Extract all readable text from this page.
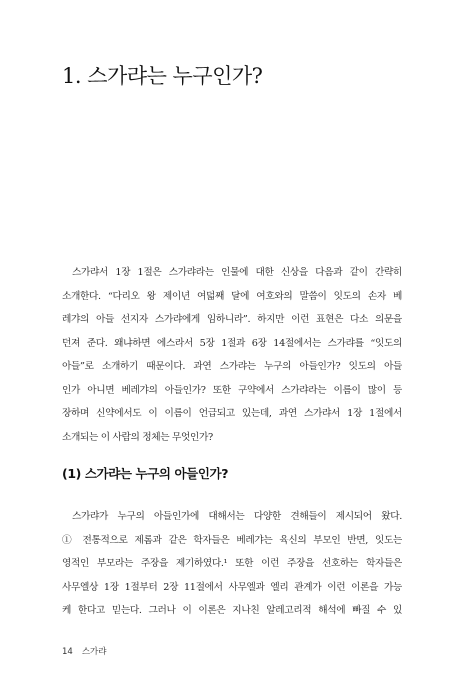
1. 스가랴는 누구인가?
스가랴서 1장 1절은 스가랴라는 인물에 대한 신상을 다음과 같이 간략히
소개한다. “다리오 왕 제이년 여덟째 달에 여호와의 말씀이 잇도의 손자 베
레갸의 아들 선지자 스가랴에게 임하니라”. 하지만 이런 표현은 다소 의문을
던져 준다. 왜냐하면 에스라서 5장 1절과 6장 14절에서는 스가랴를 “잇도의
아들”로 소개하기 때문이다. 과연 스가랴는 누구의 아들인가? 잇도의 아들
인가 아니면 베레갸의 아들인가? 또한 구약에서 스가랴라는 이름이 많이 등
장하며 신약에서도 이 이름이 언급되고 있는데, 과연 스가랴서 1장 1절에서
소개되는 이 사람의 정체는 무엇인가?
(1) 스가랴는 누구의 아들인가?
스가랴가 누구의 아들인가에 대해서는 다양한 견해들이 제시되어 왔다.
① 전통적으로 제롬과 같은 학자들은 베레갸는 육신의 부모인 반면, 잇도는
영적인 부모라는 주장을 제기하였다.¹ 또한 이런 주장을 선호하는 학자들은
사무엘상 1장 1절부터 2장 11절에서 사무엘과 엘리 관계가 이런 이론을 가능
케 한다고 믿는다. 그러나 이 이론은 지나친 알레고리적 해석에 빠질 수 있
14 스가랴
